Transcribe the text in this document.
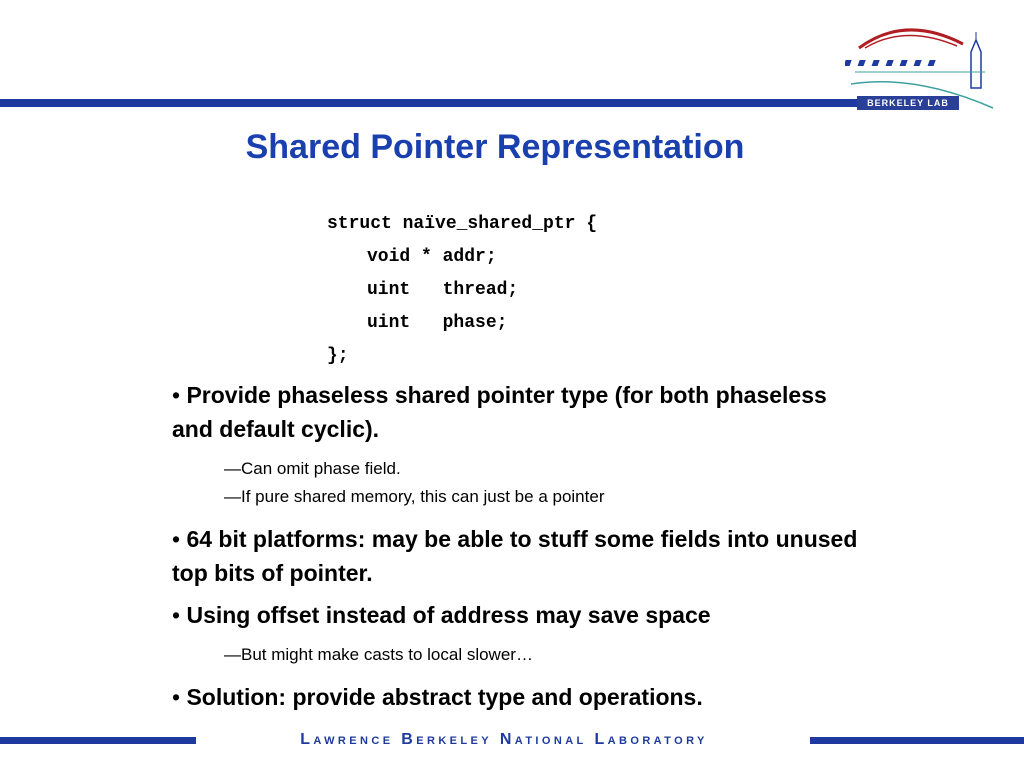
BERKELEY LAB
Shared Pointer Representation
struct naïve_shared_ptr {
void * addr;
uint   thread;
uint   phase;
};

• Provide phaseless shared pointer type (for both phaseless and default cyclic).

—Can omit phase field.
—If pure shared memory, this can just be a pointer

• 64 bit platforms: may be able to stuff some fields into unused top bits of pointer.

• Using offset instead of address may save space

—But might make casts to local slower…

• Solution: provide abstract type and operations.

Lawrence Berkeley National Laboratory
